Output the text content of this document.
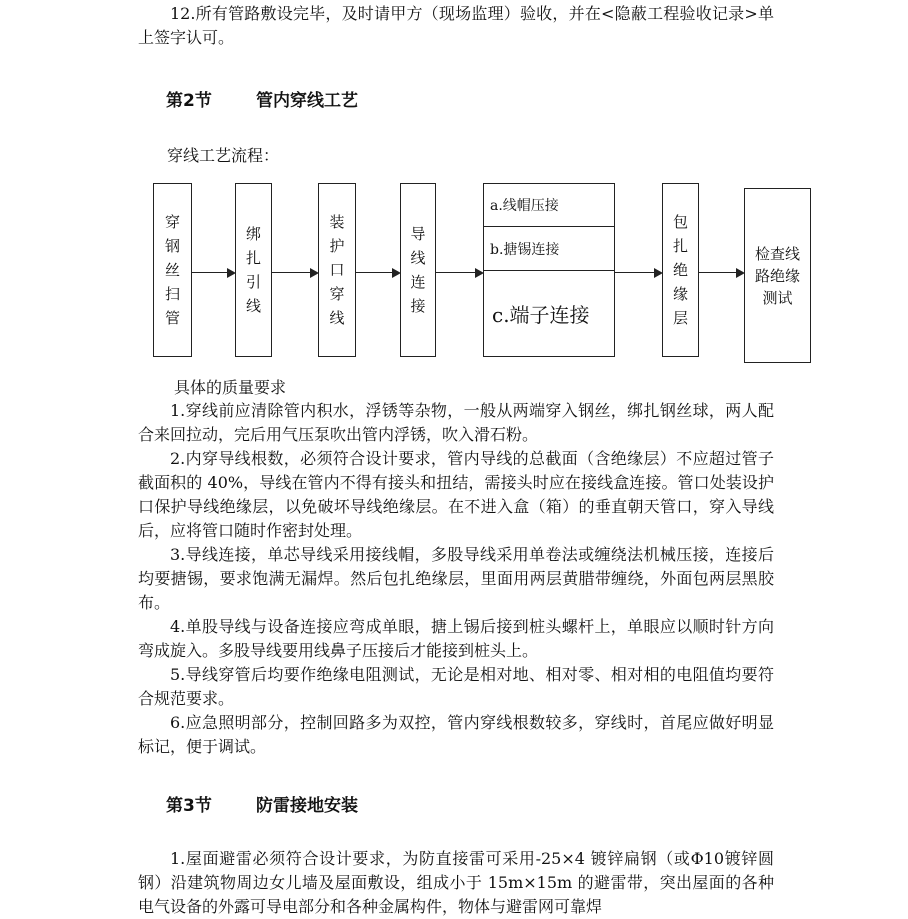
12.所有管路敷设完毕，及时请甲方（现场监理）验收，并在<隐蔽工程验收记录>单上签字认可。

第2节	管内穿线工艺

穿线工艺流程：

穿
钢
丝
扫
管
绑
扎
引
线
装
护
口
穿
线
导
线
连
接
a.线帽压接
b.搪锡连接
c.端子连接
包
扎
绝
缘
层
检查线
路绝缘
测试

具体的质量要求

1.穿线前应清除管内积水，浮锈等杂物，一般从两端穿入钢丝，绑扎钢丝球，两人配合来回拉动，完后用气压泵吹出管内浮锈，吹入滑石粉。

2.内穿导线根数，必须符合设计要求，管内导线的总截面（含绝缘层）不应超过管子截面积的 40%，导线在管内不得有接头和扭结，需接头时应在接线盒连接。管口处装设护口保护导线绝缘层，以免破坏导线绝缘层。在不进入盒（箱）的垂直朝天管口，穿入导线后，应将管口随时作密封处理。

3.导线连接，单芯导线采用接线帽，多股导线采用单卷法或缠绕法机械压接，连接后均要搪锡，要求饱满无漏焊。然后包扎绝缘层，里面用两层黄腊带缠绕，外面包两层黑胶布。

4.单股导线与设备连接应弯成单眼，搪上锡后接到桩头螺杆上，单眼应以顺时针方向弯成旋入。多股导线要用线鼻子压接后才能接到桩头上。

5.导线穿管后均要作绝缘电阻测试，无论是相对地、相对零、相对相的电阻值均要符合规范要求。

6.应急照明部分，控制回路多为双控，管内穿线根数较多，穿线时，首尾应做好明显标记，便于调试。

第3节	防雷接地安装

1.屋面避雷必须符合设计要求，为防直接雷可采用-25×4 镀锌扁钢（或Φ10镀锌圆钢）沿建筑物周边女儿墙及屋面敷设，组成小于 15m×15m 的避雷带，突出屋面的各种电气设备的外露可导电部分和各种金属构件，物体与避雷网可靠焊
